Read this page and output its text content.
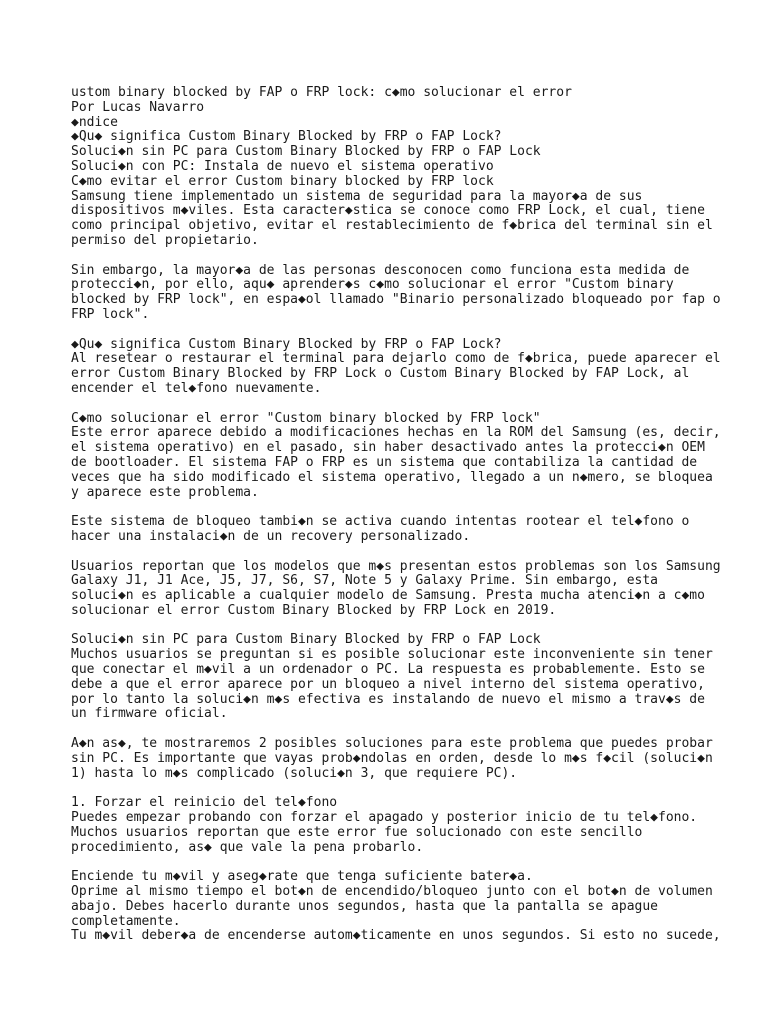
ustom binary blocked by FAP o FRP lock: c◆mo solucionar el error
Por Lucas Navarro
◆ndice
◆Qu◆ significa Custom Binary Blocked by FRP o FAP Lock?
Soluci◆n sin PC para Custom Binary Blocked by FRP o FAP Lock
Soluci◆n con PC: Instala de nuevo el sistema operativo
C◆mo evitar el error Custom binary blocked by FRP lock
Samsung tiene implementado un sistema de seguridad para la mayor◆a de sus
dispositivos m◆viles. Esta caracter◆stica se conoce como FRP Lock, el cual, tiene
como principal objetivo, evitar el restablecimiento de f◆brica del terminal sin el
permiso del propietario.
Sin embargo, la mayor◆a de las personas desconocen como funciona esta medida de
protecci◆n, por ello, aqu◆ aprender◆s c◆mo solucionar el error "Custom binary
blocked by FRP lock", en espa◆ol llamado "Binario personalizado bloqueado por fap o
FRP lock".
◆Qu◆ significa Custom Binary Blocked by FRP o FAP Lock?
Al resetear o restaurar el terminal para dejarlo como de f◆brica, puede aparecer el
error Custom Binary Blocked by FRP Lock o Custom Binary Blocked by FAP Lock, al
encender el tel◆fono nuevamente.
C◆mo solucionar el error "Custom binary blocked by FRP lock"
Este error aparece debido a modificaciones hechas en la ROM del Samsung (es, decir,
el sistema operativo) en el pasado, sin haber desactivado antes la protecci◆n OEM
de bootloader. El sistema FAP o FRP es un sistema que contabiliza la cantidad de
veces que ha sido modificado el sistema operativo, llegado a un n◆mero, se bloquea
y aparece este problema.
Este sistema de bloqueo tambi◆n se activa cuando intentas rootear el tel◆fono o
hacer una instalaci◆n de un recovery personalizado.
Usuarios reportan que los modelos que m◆s presentan estos problemas son los Samsung
Galaxy J1, J1 Ace, J5, J7, S6, S7, Note 5 y Galaxy Prime. Sin embargo, esta
soluci◆n es aplicable a cualquier modelo de Samsung. Presta mucha atenci◆n a c◆mo
solucionar el error Custom Binary Blocked by FRP Lock en 2019.
Soluci◆n sin PC para Custom Binary Blocked by FRP o FAP Lock
Muchos usuarios se preguntan si es posible solucionar este inconveniente sin tener
que conectar el m◆vil a un ordenador o PC. La respuesta es probablemente. Esto se
debe a que el error aparece por un bloqueo a nivel interno del sistema operativo,
por lo tanto la soluci◆n m◆s efectiva es instalando de nuevo el mismo a trav◆s de
un firmware oficial.
A◆n as◆, te mostraremos 2 posibles soluciones para este problema que puedes probar
sin PC. Es importante que vayas prob◆ndolas en orden, desde lo m◆s f◆cil (soluci◆n
1) hasta lo m◆s complicado (soluci◆n 3, que requiere PC).
1. Forzar el reinicio del tel◆fono
Puedes empezar probando con forzar el apagado y posterior inicio de tu tel◆fono.
Muchos usuarios reportan que este error fue solucionado con este sencillo
procedimiento, as◆ que vale la pena probarlo.
Enciende tu m◆vil y aseg◆rate que tenga suficiente bater◆a.
Oprime al mismo tiempo el bot◆n de encendido/bloqueo junto con el bot◆n de volumen
abajo. Debes hacerlo durante unos segundos, hasta que la pantalla se apague
completamente.
Tu m◆vil deber◆a de encenderse autom◆ticamente en unos segundos. Si esto no sucede,
